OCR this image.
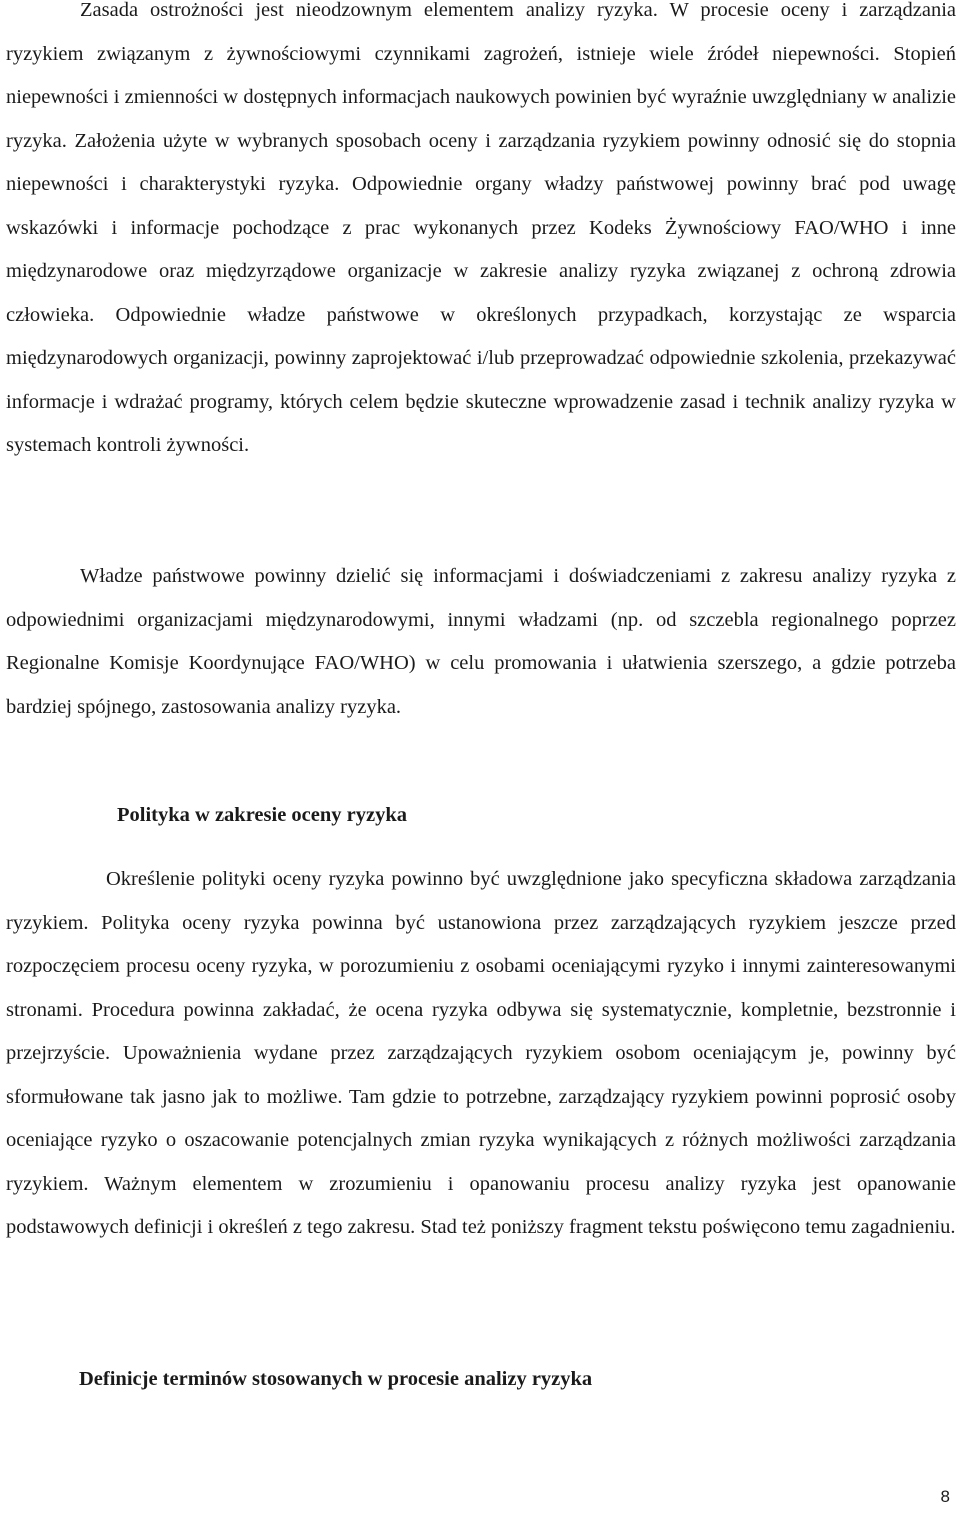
Zasada ostrożności jest nieodzownym elementem analizy ryzyka. W procesie oceny i zarządzania ryzykiem związanym z żywnościowymi czynnikami zagrożeń, istnieje wiele źródeł niepewności. Stopień niepewności i zmienności w dostępnych informacjach naukowych powinien być wyraźnie uwzględniany w analizie ryzyka. Założenia użyte w wybranych sposobach oceny i zarządzania ryzykiem powinny odnosić się do stopnia niepewności i charakterystyki ryzyka. Odpowiednie organy władzy państwowej powinny brać pod uwagę wskazówki i informacje pochodzące z prac wykonanych przez Kodeks Żywnościowy FAO/WHO i inne międzynarodowe oraz międzyrządowe organizacje w zakresie analizy ryzyka związanej z ochroną zdrowia człowieka. Odpowiednie władze państwowe w określonych przypadkach, korzystając ze wsparcia międzynarodowych organizacji, powinny zaprojektować i/lub przeprowadzać odpowiednie szkolenia, przekazywać informacje i wdrażać programy, których celem będzie skuteczne wprowadzenie zasad i technik analizy ryzyka w systemach kontroli żywności.

Władze państwowe powinny dzielić się informacjami i doświadczeniami z zakresu analizy ryzyka z odpowiednimi organizacjami międzynarodowymi, innymi władzami (np. od szczebla regionalnego poprzez Regionalne Komisje Koordynujące FAO/WHO) w celu promowania i ułatwienia szerszego, a gdzie potrzeba bardziej spójnego, zastosowania analizy ryzyka.

Polityka w zakresie oceny ryzyka

Określenie polityki oceny ryzyka powinno być uwzględnione jako specyficzna składowa zarządzania ryzykiem. Polityka oceny ryzyka powinna być ustanowiona przez zarządzających ryzykiem jeszcze przed rozpoczęciem procesu oceny ryzyka, w porozumieniu z osobami oceniającymi ryzyko i innymi zainteresowanymi stronami. Procedura powinna zakładać, że ocena ryzyka odbywa się systematycznie, kompletnie, bezstronnie i przejrzyście. Upoważnienia wydane przez zarządzających ryzykiem osobom oceniającym je, powinny być sformułowane tak jasno jak to możliwe. Tam gdzie to potrzebne, zarządzający ryzykiem powinni poprosić osoby oceniające ryzyko o oszacowanie potencjalnych zmian ryzyka wynikających z różnych możliwości zarządzania ryzykiem. Ważnym elementem w zrozumieniu i opanowaniu procesu analizy ryzyka jest opanowanie podstawowych definicji i określeń z tego zakresu. Stad też poniższy fragment tekstu poświęcono temu zagadnieniu.

Definicje terminów stosowanych w procesie analizy ryzyka
8
